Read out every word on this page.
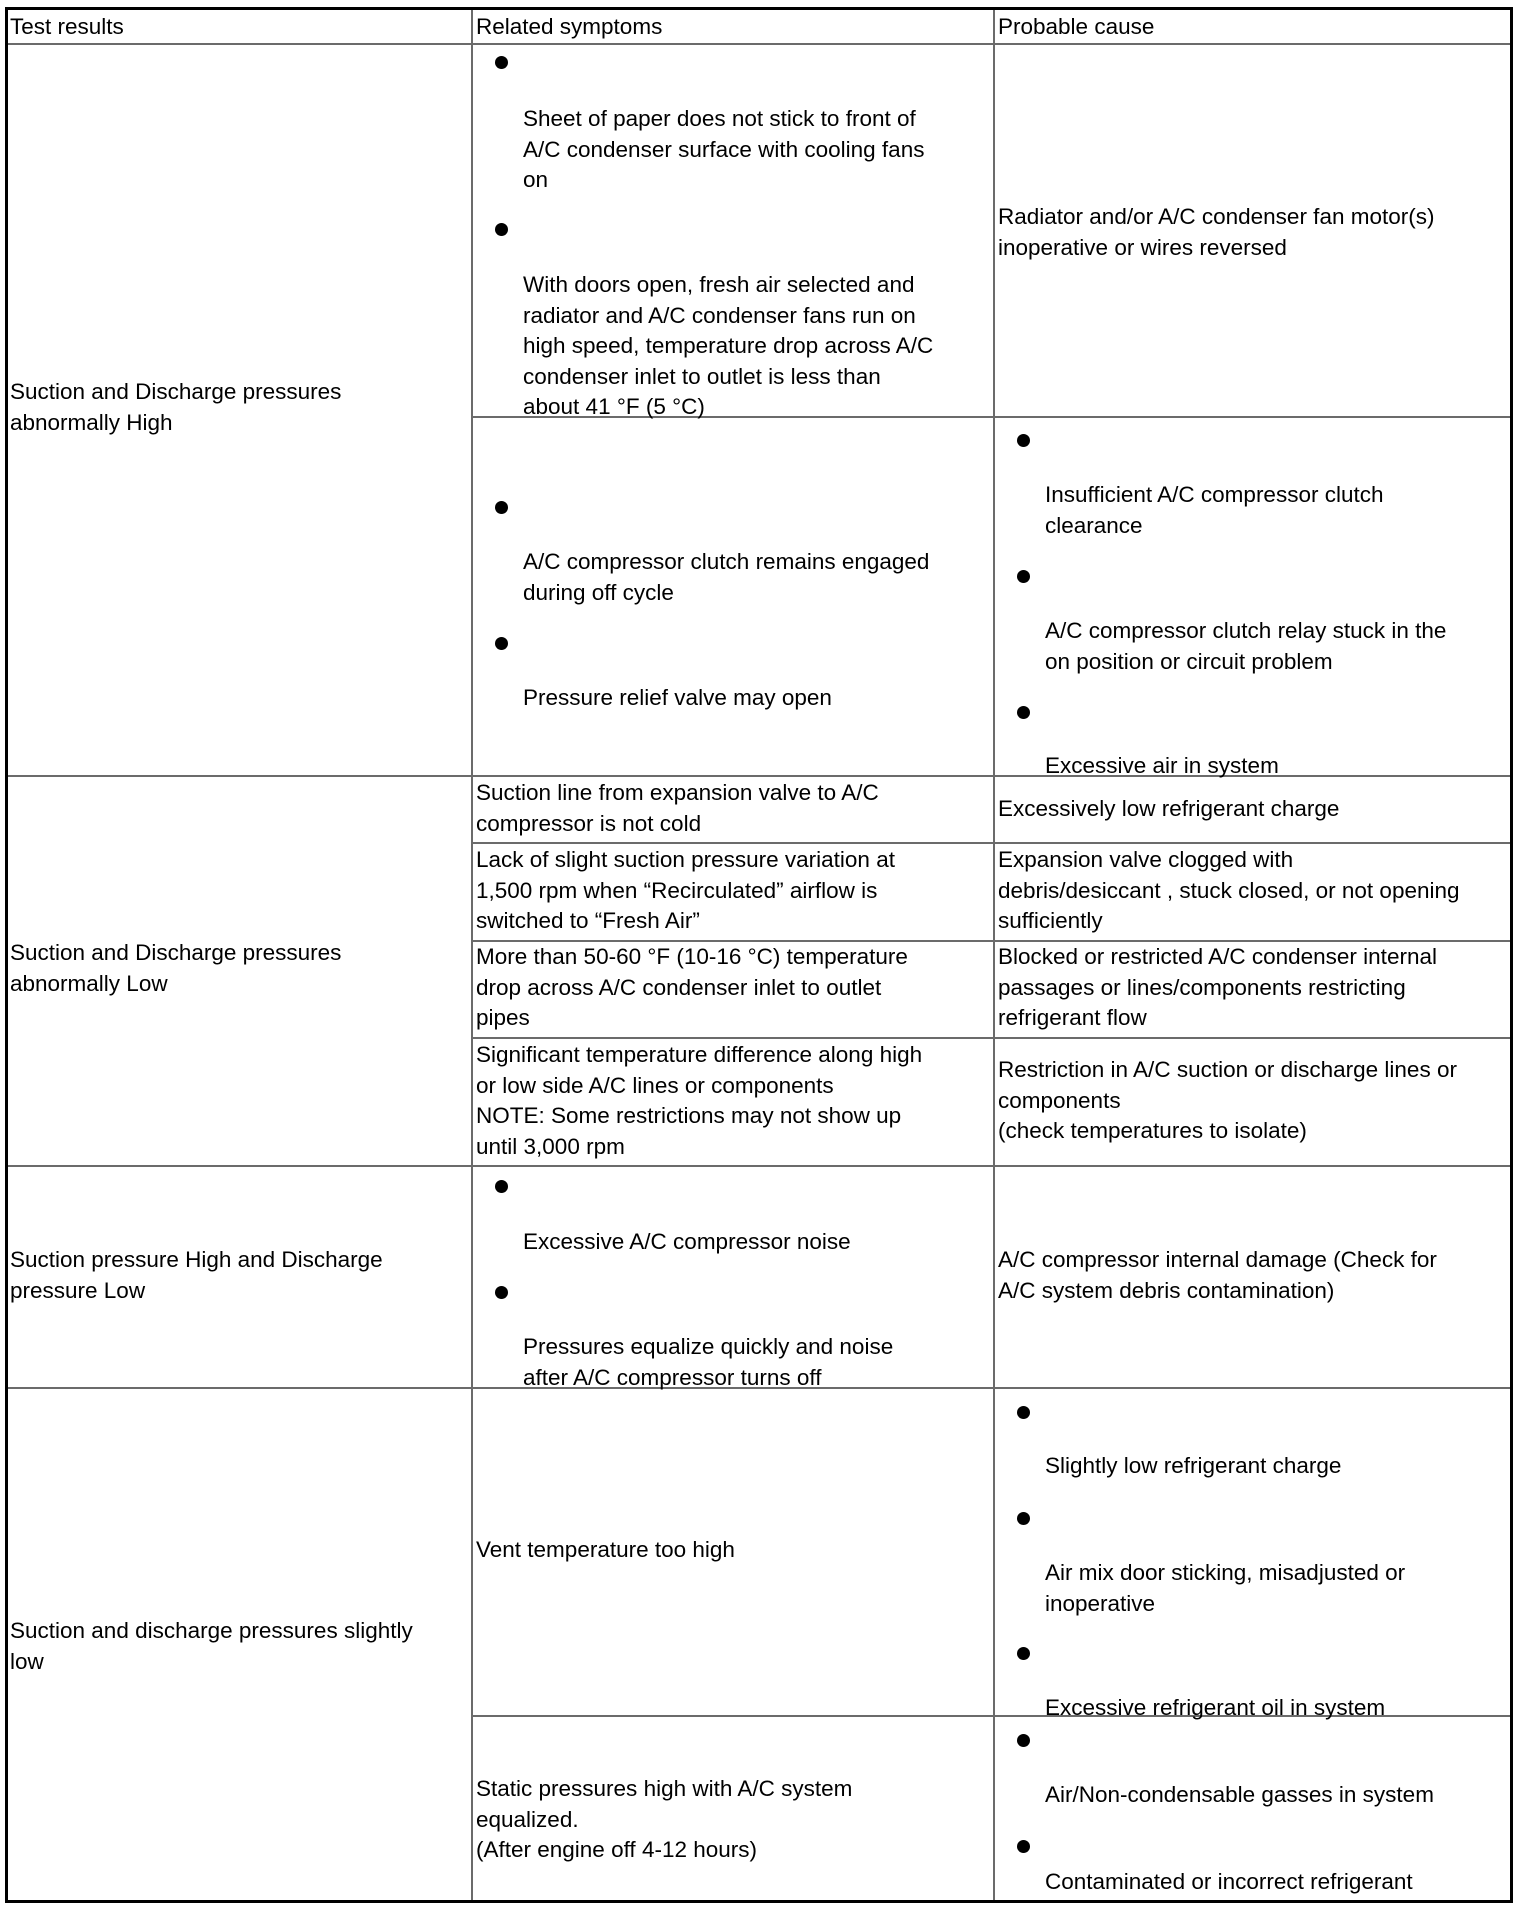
Test results	Related symptoms	Probable cause

Suction and Discharge pressures
abnormally High

Sheet of paper does not stick to front of
A/C condenser surface with cooling fans
on

With doors open, fresh air selected and
radiator and A/C condenser fans run on
high speed, temperature drop across A/C
condenser inlet to outlet is less than
about 41 °F (5 °C)

Radiator and/or A/C condenser fan motor(s)
inoperative or wires reversed

A/C compressor clutch remains engaged
during off cycle

Pressure relief valve may open

Insufficient A/C compressor clutch
clearance

A/C compressor clutch relay stuck in the
on position or circuit problem

Excessive air in system

Suction and Discharge pressures
abnormally Low

Suction line from expansion valve to A/C
compressor is not cold

Excessively low refrigerant charge

Lack of slight suction pressure variation at
1,500 rpm when “Recirculated” airflow is
switched to “Fresh Air”

Expansion valve clogged with
debris/desiccant , stuck closed, or not opening
sufficiently

More than 50-60 °F (10-16 °C) temperature
drop across A/C condenser inlet to outlet
pipes

Blocked or restricted A/C condenser internal
passages or lines/components restricting
refrigerant flow

Significant temperature difference along high
or low side A/C lines or components
NOTE: Some restrictions may not show up
until 3,000 rpm

Restriction in A/C suction or discharge lines or
components
(check temperatures to isolate)

Suction pressure High and Discharge
pressure Low

Excessive A/C compressor noise

Pressures equalize quickly and noise
after A/C compressor turns off

A/C compressor internal damage (Check for
A/C system debris contamination)

Suction and discharge pressures slightly
low

Vent temperature too high

Slightly low refrigerant charge

Air mix door sticking, misadjusted or
inoperative

Excessive refrigerant oil in system

Static pressures high with A/C system
equalized.
(After engine off 4-12 hours)

Air/Non-condensable gasses in system

Contaminated or incorrect refrigerant
